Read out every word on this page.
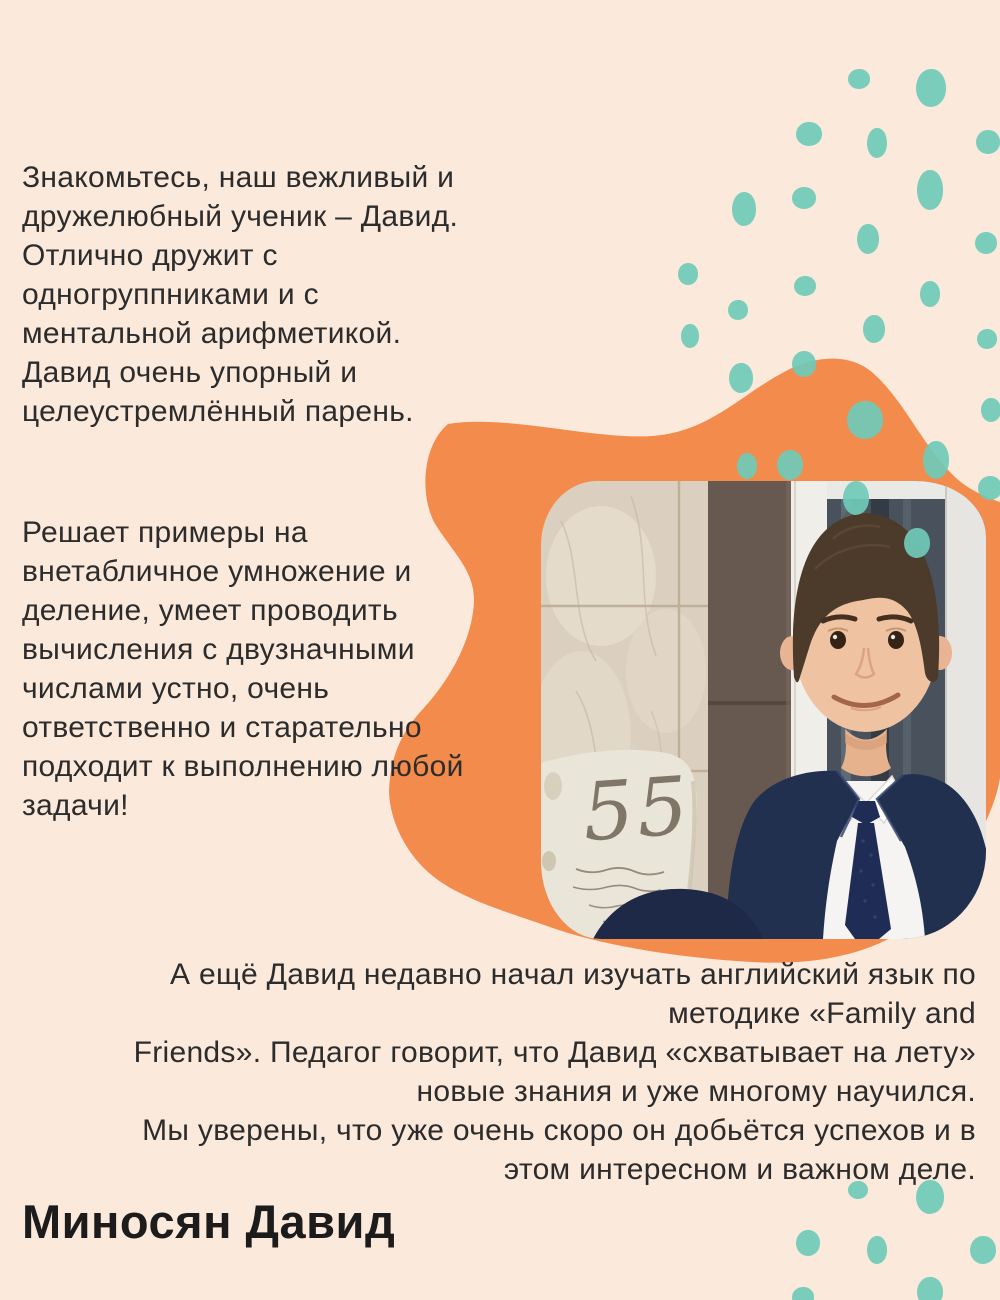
55
Знакомьтесь, наш вежливый и
дружелюбный ученик – Давид.
Отлично дружит с
одногруппниками и с
ментальной арифметикой.
Давид очень упорный и
целеустремлённый парень.
Решает примеры на
внетабличное умножение и
деление, умеет проводить
вычисления с двузначными
числами устно, очень
ответственно и старательно
подходит к выполнению любой
задачи!
А ещё Давид недавно начал изучать английский язык по
методике «Family and
Friends». Педагог говорит, что Давид «схватывает на лету»
новые знания и уже многому научился.
Мы уверены, что уже очень скоро он добьётся успехов и в
этом интересном и важном деле.
Миносян Давид
